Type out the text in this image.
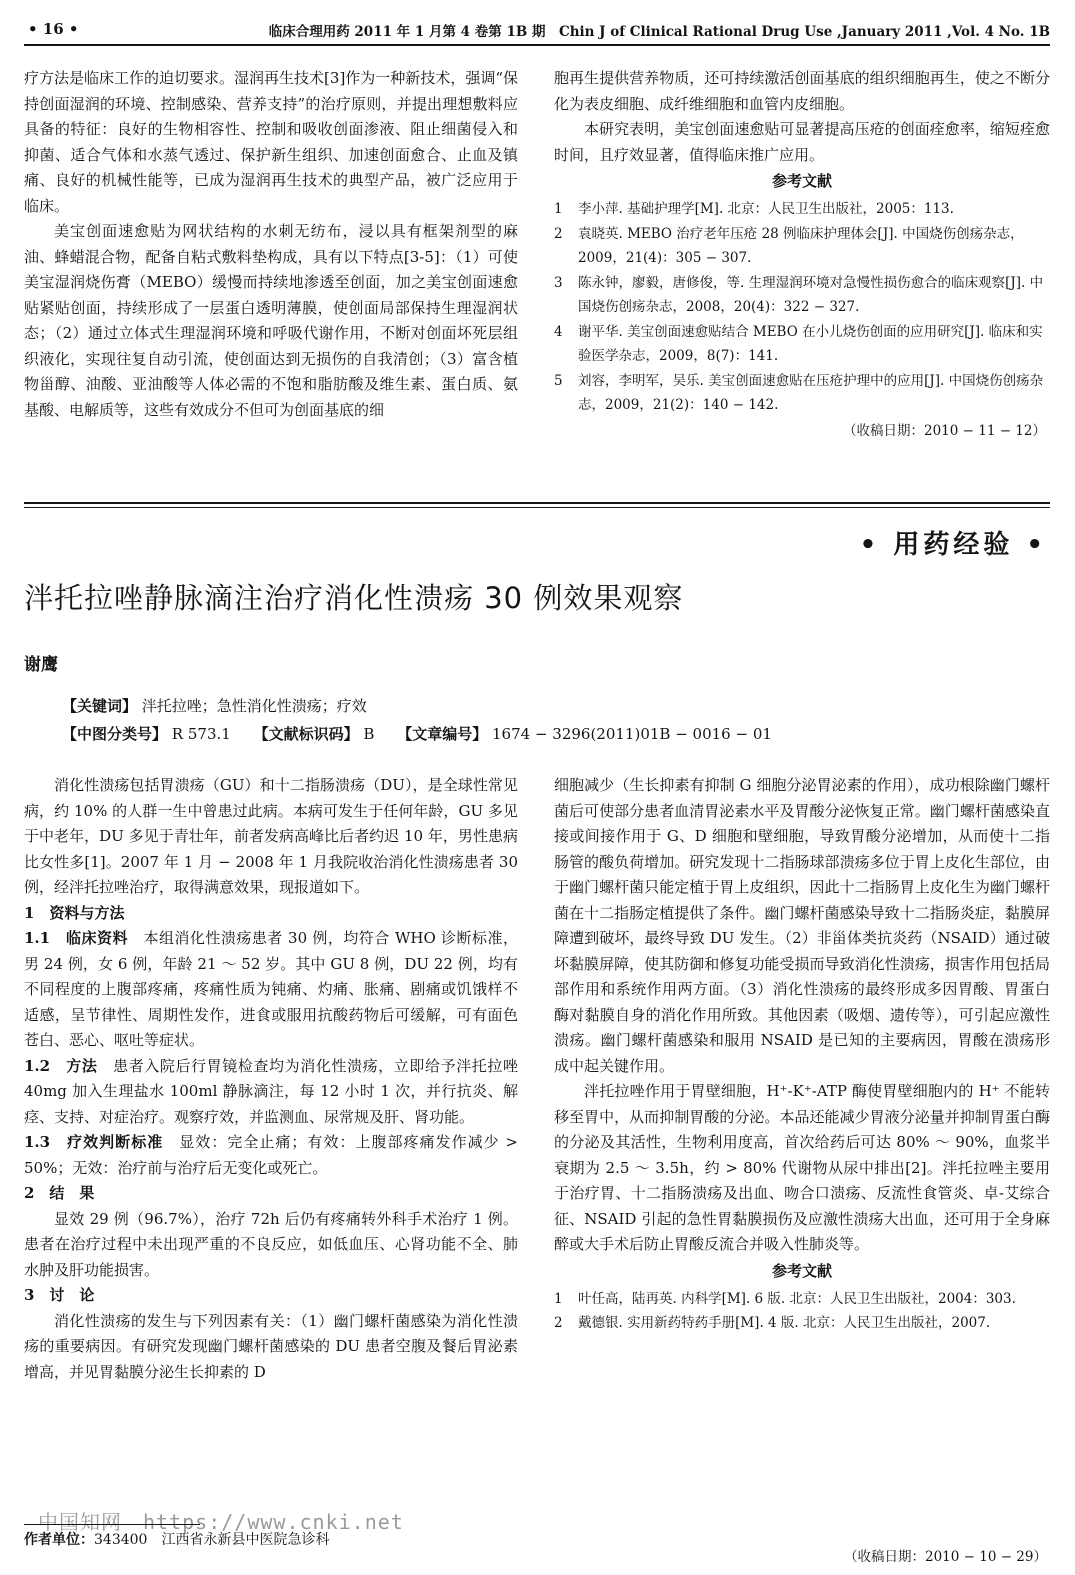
• 16 •	临床合理用药 2011 年 1 月第 4 卷第 1B 期　Chin J of Clinical Rational Drug Use ,January 2011 ,Vol. 4 No. 1B

疗方法是临床工作的迫切要求。湿润再生技术[3]作为一种新技术，强调“保持创面湿润的环境、控制感染、营养支持”的治疗原则，并提出理想敷料应具备的特征：良好的生物相容性、控制和吸收创面渗液、阻止细菌侵入和抑菌、适合气体和水蒸气透过、保护新生组织、加速创面愈合、止血及镇痛、良好的机械性能等，已成为湿润再生技术的典型产品，被广泛应用于临床。

美宝创面速愈贴为网状结构的水刺无纺布，浸以具有框架剂型的麻油、蜂蜡混合物，配备自粘式敷料垫构成，具有以下特点[3-5]：（1）可使美宝湿润烧伤膏（MEBO）缓慢而持续地渗透至创面，加之美宝创面速愈贴紧贴创面，持续形成了一层蛋白透明薄膜，使创面局部保持生理湿润状态；（2）通过立体式生理湿润环境和呼吸代谢作用，不断对创面坏死层组织液化，实现往复自动引流，使创面达到无损伤的自我清创；（3）富含植物甾醇、油酸、亚油酸等人体必需的不饱和脂肪酸及维生素、蛋白质、氨基酸、电解质等，这些有效成分不但可为创面基底的细

胞再生提供营养物质，还可持续激活创面基底的组织细胞再生，使之不断分化为表皮细胞、成纤维细胞和血管内皮细胞。

本研究表明，美宝创面速愈贴可显著提高压疮的创面痊愈率，缩短痊愈时间，且疗效显著，值得临床推广应用。

参考文献
1 李小萍. 基础护理学[M]. 北京：人民卫生出版社，2005：113.
2 袁晓英. MEBO 治疗老年压疮 28 例临床护理体会[J]. 中国烧伤创疡杂志，2009，21(4)：305 − 307.
3 陈永钟，廖毅，唐修俊，等. 生理湿润环境对急慢性损伤愈合的临床观察[J]. 中国烧伤创疡杂志，2008，20(4)：322 − 327.
4 谢平华. 美宝创面速愈贴结合 MEBO 在小儿烧伤创面的应用研究[J]. 临床和实验医学杂志，2009，8(7)：141.
5 刘容，李明军，吴乐. 美宝创面速愈贴在压疮护理中的应用[J]. 中国烧伤创疡杂志，2009，21(2)：140 − 142.
（收稿日期：2010 − 11 − 12）
• 用药经验 •
泮托拉唑静脉滴注治疗消化性溃疡 30 例效果观察
谢鹰
【关键词】 泮托拉唑；急性消化性溃疡；疗效
【中图分类号】 R 573.1 【文献标识码】 B 【文章编号】 1674 − 3296(2011)01B − 0016 − 01

消化性溃疡包括胃溃疡（GU）和十二指肠溃疡（DU），是全球性常见病，约 10% 的人群一生中曾患过此病。本病可发生于任何年龄，GU 多见于中老年，DU 多见于青壮年，前者发病高峰比后者约迟 10 年，男性患病比女性多[1]。2007 年 1 月 − 2008 年 1 月我院收治消化性溃疡患者 30 例，经泮托拉唑治疗，取得满意效果，现报道如下。

1　资料与方法

1.1　临床资料　 本组消化性溃疡患者 30 例，均符合 WHO 诊断标准，男 24 例，女 6 例，年龄 21 ～ 52 岁。其中 GU 8 例，DU 22 例，均有不同程度的上腹部疼痛，疼痛性质为钝痛、灼痛、胀痛、剧痛或饥饿样不适感，呈节律性、周期性发作，进食或服用抗酸药物后可缓解，可有面色苍白、恶心、呕吐等症状。

1.2　方法　 患者入院后行胃镜检查均为消化性溃疡，立即给予泮托拉唑 40mg 加入生理盐水 100ml 静脉滴注，每 12 小时 1 次，并行抗炎、解痉、支持、对症治疗。观察疗效，并监测血、尿常规及肝、肾功能。

1.3　疗效判断标准　 显效：完全止痛；有效：上腹部疼痛发作减少 > 50%；无效：治疗前与治疗后无变化或死亡。

2　结　果

显效 29 例（96.7%），治疗 72h 后仍有疼痛转外科手术治疗 1 例。患者在治疗过程中未出现严重的不良反应，如低血压、心肾功能不全、肺水肿及肝功能损害。

3　讨　论

消化性溃疡的发生与下列因素有关：（1）幽门螺杆菌感染为消化性溃疡的重要病因。有研究发现幽门螺杆菌感染的 DU 患者空腹及餐后胃泌素增高，并见胃黏膜分泌生长抑素的 D

细胞减少（生长抑素有抑制 G 细胞分泌胃泌素的作用），成功根除幽门螺杆菌后可使部分患者血清胃泌素水平及胃酸分泌恢复正常。幽门螺杆菌感染直接或间接作用于 G、D 细胞和壁细胞，导致胃酸分泌增加，从而使十二指肠管的酸负荷增加。研究发现十二指肠球部溃疡多位于胃上皮化生部位，由于幽门螺杆菌只能定植于胃上皮组织，因此十二指肠胃上皮化生为幽门螺杆菌在十二指肠定植提供了条件。幽门螺杆菌感染导致十二指肠炎症，黏膜屏障遭到破坏，最终导致 DU 发生。（2）非甾体类抗炎药（NSAID）通过破坏黏膜屏障，使其防御和修复功能受损而导致消化性溃疡，损害作用包括局部作用和系统作用两方面。（3）消化性溃疡的最终形成多因胃酸、胃蛋白酶对黏膜自身的消化作用所致。其他因素（吸烟、遗传等），可引起应激性溃疡。幽门螺杆菌感染和服用 NSAID 是已知的主要病因，胃酸在溃疡形成中起关键作用。

泮托拉唑作用于胃壁细胞，H⁺-K⁺-ATP 酶使胃壁细胞内的 H⁺ 不能转移至胃中，从而抑制胃酸的分泌。本品还能减少胃液分泌量并抑制胃蛋白酶的分泌及其活性，生物利用度高，首次给药后可达 80% ～ 90%，血浆半衰期为 2.5 ～ 3.5h，约 > 80% 代谢物从尿中排出[2]。泮托拉唑主要用于治疗胃、十二指肠溃疡及出血、吻合口溃疡、反流性食管炎、卓-艾综合征、NSAID 引起的急性胃黏膜损伤及应激性溃疡大出血，还可用于全身麻醉或大手术后防止胃酸反流合并吸入性肺炎等。

参考文献
1 叶任高，陆再英. 内科学[M]. 6 版. 北京：人民卫生出版社，2004：303.
2 戴德银. 实用新药特药手册[M]. 4 版. 北京：人民卫生出版社，2007.
中国知网　https://www.cnki.net
作者单位：343400　江西省永新县中医院急诊科
（收稿日期：2010 − 10 − 29）
